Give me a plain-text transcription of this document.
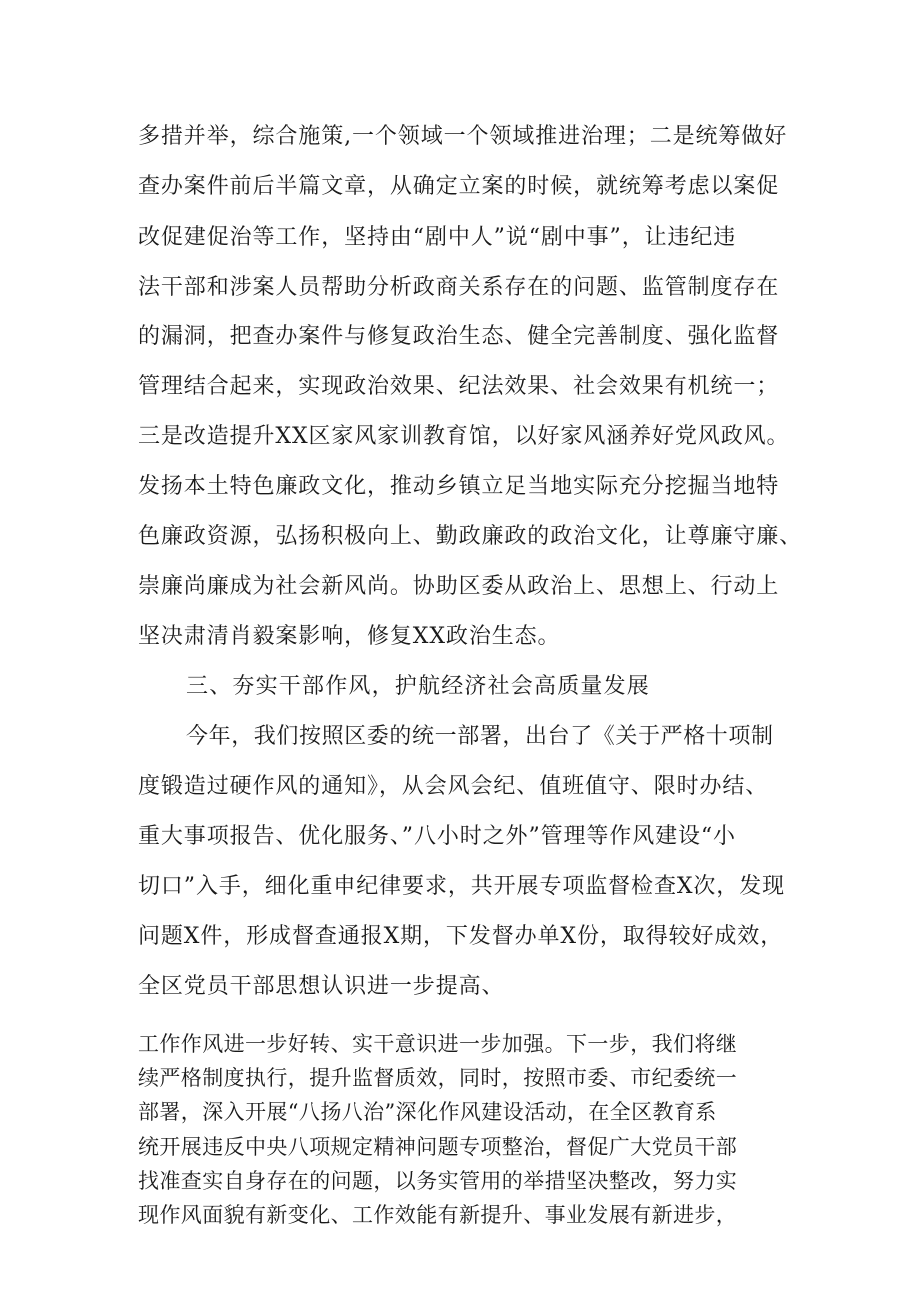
多措并举，综合施策,一个领域一个领域推进治理；二是统筹做好
查办案件前后半篇文章，从确定立案的时候，就统筹考虑以案促
改促建促治等工作，坚持由“剧中人”说“剧中事”，让违纪违
法干部和涉案人员帮助分析政商关系存在的问题、监管制度存在
的漏洞，把查办案件与修复政治生态、健全完善制度、强化监督
管理结合起来，实现政治效果、纪法效果、社会效果有机统一；
三是改造提升XX区家风家训教育馆，以好家风涵养好党风政风。
发扬本土特色廉政文化，推动乡镇立足当地实际充分挖掘当地特
色廉政资源，弘扬积极向上、勤政廉政的政治文化，让尊廉守廉、
崇廉尚廉成为社会新风尚。协助区委从政治上、思想上、行动上
坚决肃清肖毅案影响，修复XX政治生态。
三、夯实干部作风，护航经济社会高质量发展
今年，我们按照区委的统一部署，出台了《关于严格十项制
度锻造过硬作风的通知》，从会风会纪、值班值守、限时办结、
重大事项报告、优化服务、”八小时之外”管理等作风建设“小
切口”入手，细化重申纪律要求，共开展专项监督检查X次，发现
问题X件，形成督查通报X期，下发督办单X份，取得较好成效，
全区党员干部思想认识进一步提高、
工作作风进一步好转、实干意识进一步加强。下一步，我们将继
续严格制度执行，提升监督质效，同时，按照市委、市纪委统一
部署，深入开展“八扬八治”深化作风建设活动，在全区教育系
统开展违反中央八项规定精神问题专项整治，督促广大党员干部
找准查实自身存在的问题，以务实管用的举措坚决整改，努力实
现作风面貌有新变化、工作效能有新提升、事业发展有新进步，
